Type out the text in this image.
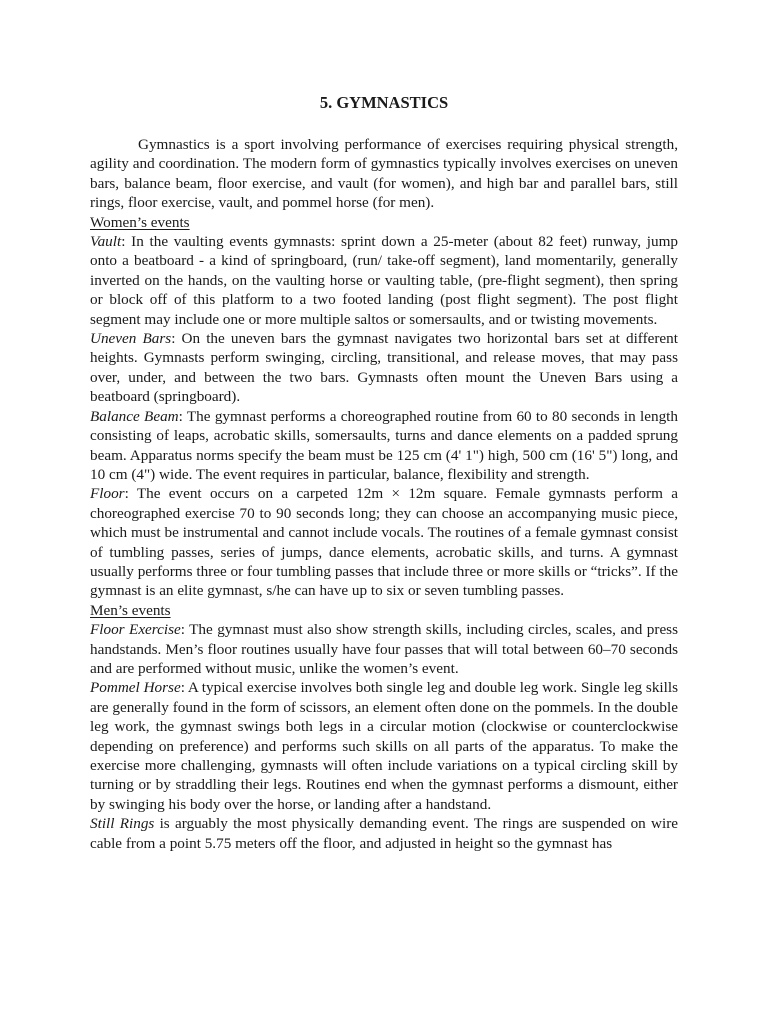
5. GYMNASTICS

Gymnastics is a sport involving performance of exercises requiring physical strength, agility and coordination. The modern form of gymnastics typically involves exercises on uneven bars, balance beam, floor exercise, and vault (for women), and high bar and parallel bars, still rings, floor exercise, vault, and pommel horse (for men).

Women’s events

Vault: In the vaulting events gymnasts: sprint down a 25-meter (about 82 feet) runway, jump onto a beatboard - a kind of springboard, (run/ take-off segment), land momentarily, generally inverted on the hands, on the vaulting horse or vaulting table, (pre-flight segment), then spring or block off of this platform to a two footed landing (post flight segment). The post flight segment may include one or more multiple saltos or somersaults, and or twisting movements.

Uneven Bars: On the uneven bars the gymnast navigates two horizontal bars set at different heights. Gymnasts perform swinging, circling, transitional, and release moves, that may pass over, under, and between the two bars. Gymnasts often mount the Uneven Bars using a beatboard (springboard).

Balance Beam: The gymnast performs a choreographed routine from 60 to 80 seconds in length consisting of leaps, acrobatic skills, somersaults, turns and dance elements on a padded sprung beam. Apparatus norms specify the beam must be 125 cm (4' 1") high, 500 cm (16' 5") long, and 10 cm (4") wide. The event requires in particular, balance, flexibility and strength.

Floor: The event occurs on a carpeted 12m × 12m square. Female gymnasts perform a choreographed exercise 70 to 90 seconds long; they can choose an accompanying music piece, which must be instrumental and cannot include vocals. The routines of a female gymnast consist of tumbling passes, series of jumps, dance elements, acrobatic skills, and turns. A gymnast usually performs three or four tumbling passes that include three or more skills or “tricks”. If the gymnast is an elite gymnast, s/he can have up to six or seven tumbling passes.

Men’s events

Floor Exercise: The gymnast must also show strength skills, including circles, scales, and press handstands. Men’s floor routines usually have four passes that will total between 60–70 seconds and are performed without music, unlike the women’s event.

Pommel Horse: A typical exercise involves both single leg and double leg work. Single leg skills are generally found in the form of scissors, an element often done on the pommels. In the double leg work, the gymnast swings both legs in a circular motion (clockwise or counterclockwise depending on preference) and performs such skills on all parts of the apparatus. To make the exercise more challenging, gymnasts will often include variations on a typical circling skill by turning or by straddling their legs. Routines end when the gymnast performs a dismount, either by swinging his body over the horse, or landing after a handstand.

Still Rings is arguably the most physically demanding event. The rings are suspended on wire cable from a point 5.75 meters off the floor, and adjusted in height so the gymnast has
